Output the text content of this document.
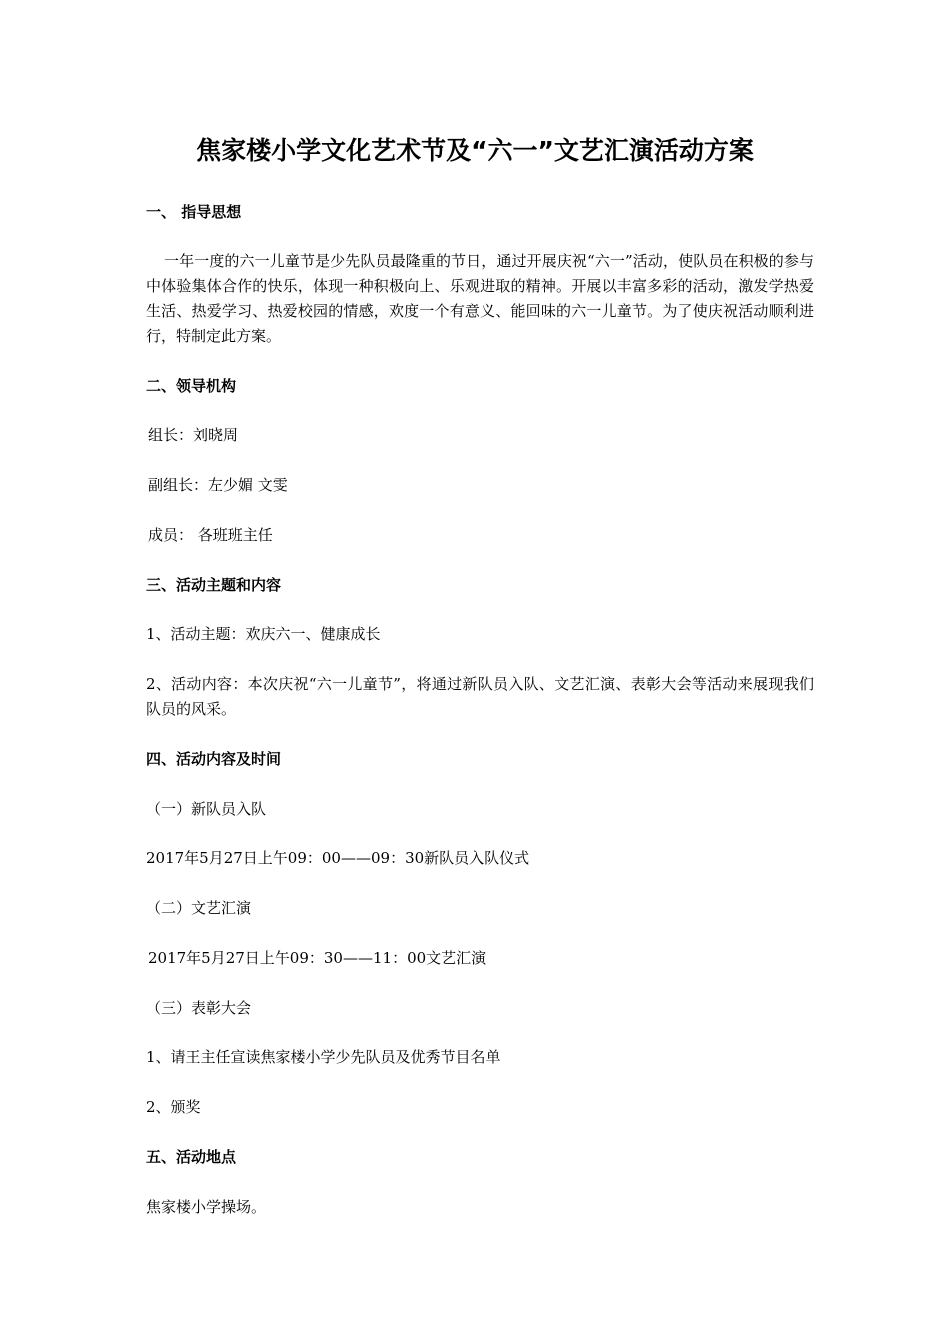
焦家楼小学文化艺术节及“六一”文艺汇演活动方案
一、 指导思想
一年一度的六一儿童节是少先队员最隆重的节日，通过开展庆祝“六一”活动，使队员在积极的参与中体验集体合作的快乐，体现一种积极向上、乐观进取的精神。开展以丰富多彩的活动，激发学热爱生活、热爱学习、热爱校园的情感，欢度一个有意义、能回味的六一儿童节。为了使庆祝活动顺利进行，特制定此方案。
二、领导机构
组长：刘晓周
副组长：左少媚 文雯
成员： 各班班主任
三、活动主题和内容
1、活动主题：欢庆六一、健康成长
2、活动内容：本次庆祝“六一儿童节”，将通过新队员入队、文艺汇演、表彰大会等活动来展现我们队员的风采。
四、活动内容及时间
（一）新队员入队
2017年5月27日上午09：00——09：30新队员入队仪式
（二）文艺汇演
2017年5月27日上午09：30——11：00文艺汇演
（三）表彰大会
1、请王主任宣读焦家楼小学少先队员及优秀节目名单
2、颁奖
五、活动地点
焦家楼小学操场。
